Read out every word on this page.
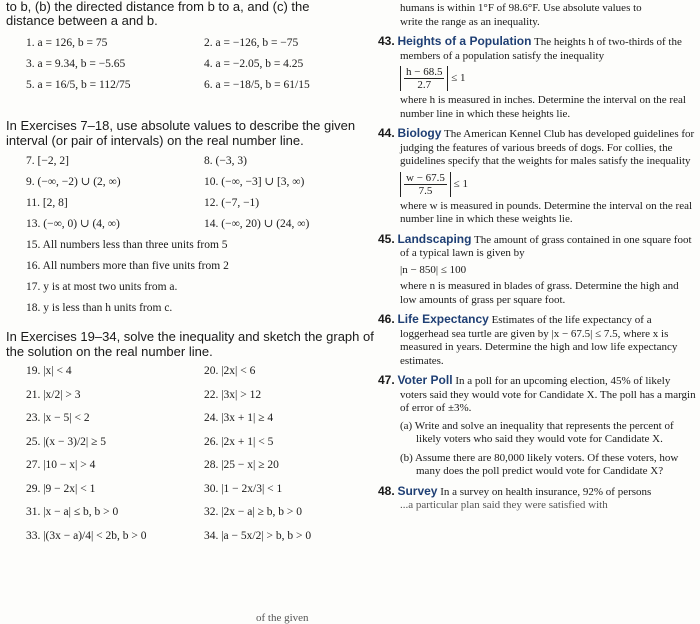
to b, (b) the directed distance from b to a, and (c) the
distance between a and b.
1. a = 126, b = 75	2. a = −126, b = −75
3. a = 9.34, b = −5.65	4. a = −2.05, b = 4.25
5. a = 16/5, b = 112/75	6. a = −18/5, b = 61/15
In Exercises 7–18, use absolute values to describe the given interval (or pair of intervals) on the real number line.
7. [−2, 2]	8. (−3, 3)
9. (−∞, −2) ∪ (2, ∞)	10. (−∞, −3] ∪ [3, ∞)
11. [2, 8]	12. (−7, −1)
13. (−∞, 0) ∪ (4, ∞)	14. (−∞, 20) ∪ (24, ∞)
15. All numbers less than three units from 5
16. All numbers more than five units from 2
17. y is at most two units from a.
18. y is less than h units from c.
In Exercises 19–34, solve the inequality and sketch the graph of the solution on the real number line.
19. |x| < 4	20. |2x| < 6
21. |x/2| > 3	22. |3x| > 12
23. |x − 5| < 2	24. |3x + 1| ≥ 4
25. |(x − 3)/2| ≥ 5	26. |2x + 1| < 5
27. |10 − x| > 4	28. |25 − x| ≥ 20
29. |9 − 2x| < 1	30. |1 − 2x/3| < 1
31. |x − a| ≤ b, b > 0	32. |2x − a| ≥ b, b > 0
33. |(3x − a)/4| < 2b, b > 0	34. |a − 5x/2| > b, b > 0
of the given
humans is within 1°F of 98.6°F. Use absolute values to
write the range as an inequality.
43. Heights of a Population The heights h of two-thirds of the members of a population satisfy the inequality
$\frac{h - 68.5}{2.7} \le 1$
where h is measured in inches. Determine the interval on the real number line in which these heights lie.
44. Biology The American Kennel Club has developed guidelines for judging the features of various breeds of dogs. For collies, the guidelines specify that the weights for males satisfy the inequality
$\frac{w - 67.5}{7.5} \le 1$
where w is measured in pounds. Determine the interval on the real number line in which these weights lie.
45. Landscaping The amount of grass contained in one square foot of a typical lawn is given by
|n − 850| ≤ 100
where n is measured in blades of grass. Determine the high and low amounts of grass per square foot.
46. Life Expectancy Estimates of the life expectancy of a loggerhead sea turtle are given by |x − 67.5| ≤ 7.5, where x is measured in years. Determine the high and low life expectancy estimates.
47. Voter Poll In a poll for an upcoming election, 45% of likely voters said they would vote for Candidate X. The poll has a margin of error of ±3%.
(a) Write and solve an inequality that represents the percent of likely voters who said they would vote for Candidate X.
(b) Assume there are 80,000 likely voters. Of these voters, how many does the poll predict would vote for Candidate X?
48. Survey In a survey on health insurance, 92% of persons
...a particular plan said they were satisfied with
